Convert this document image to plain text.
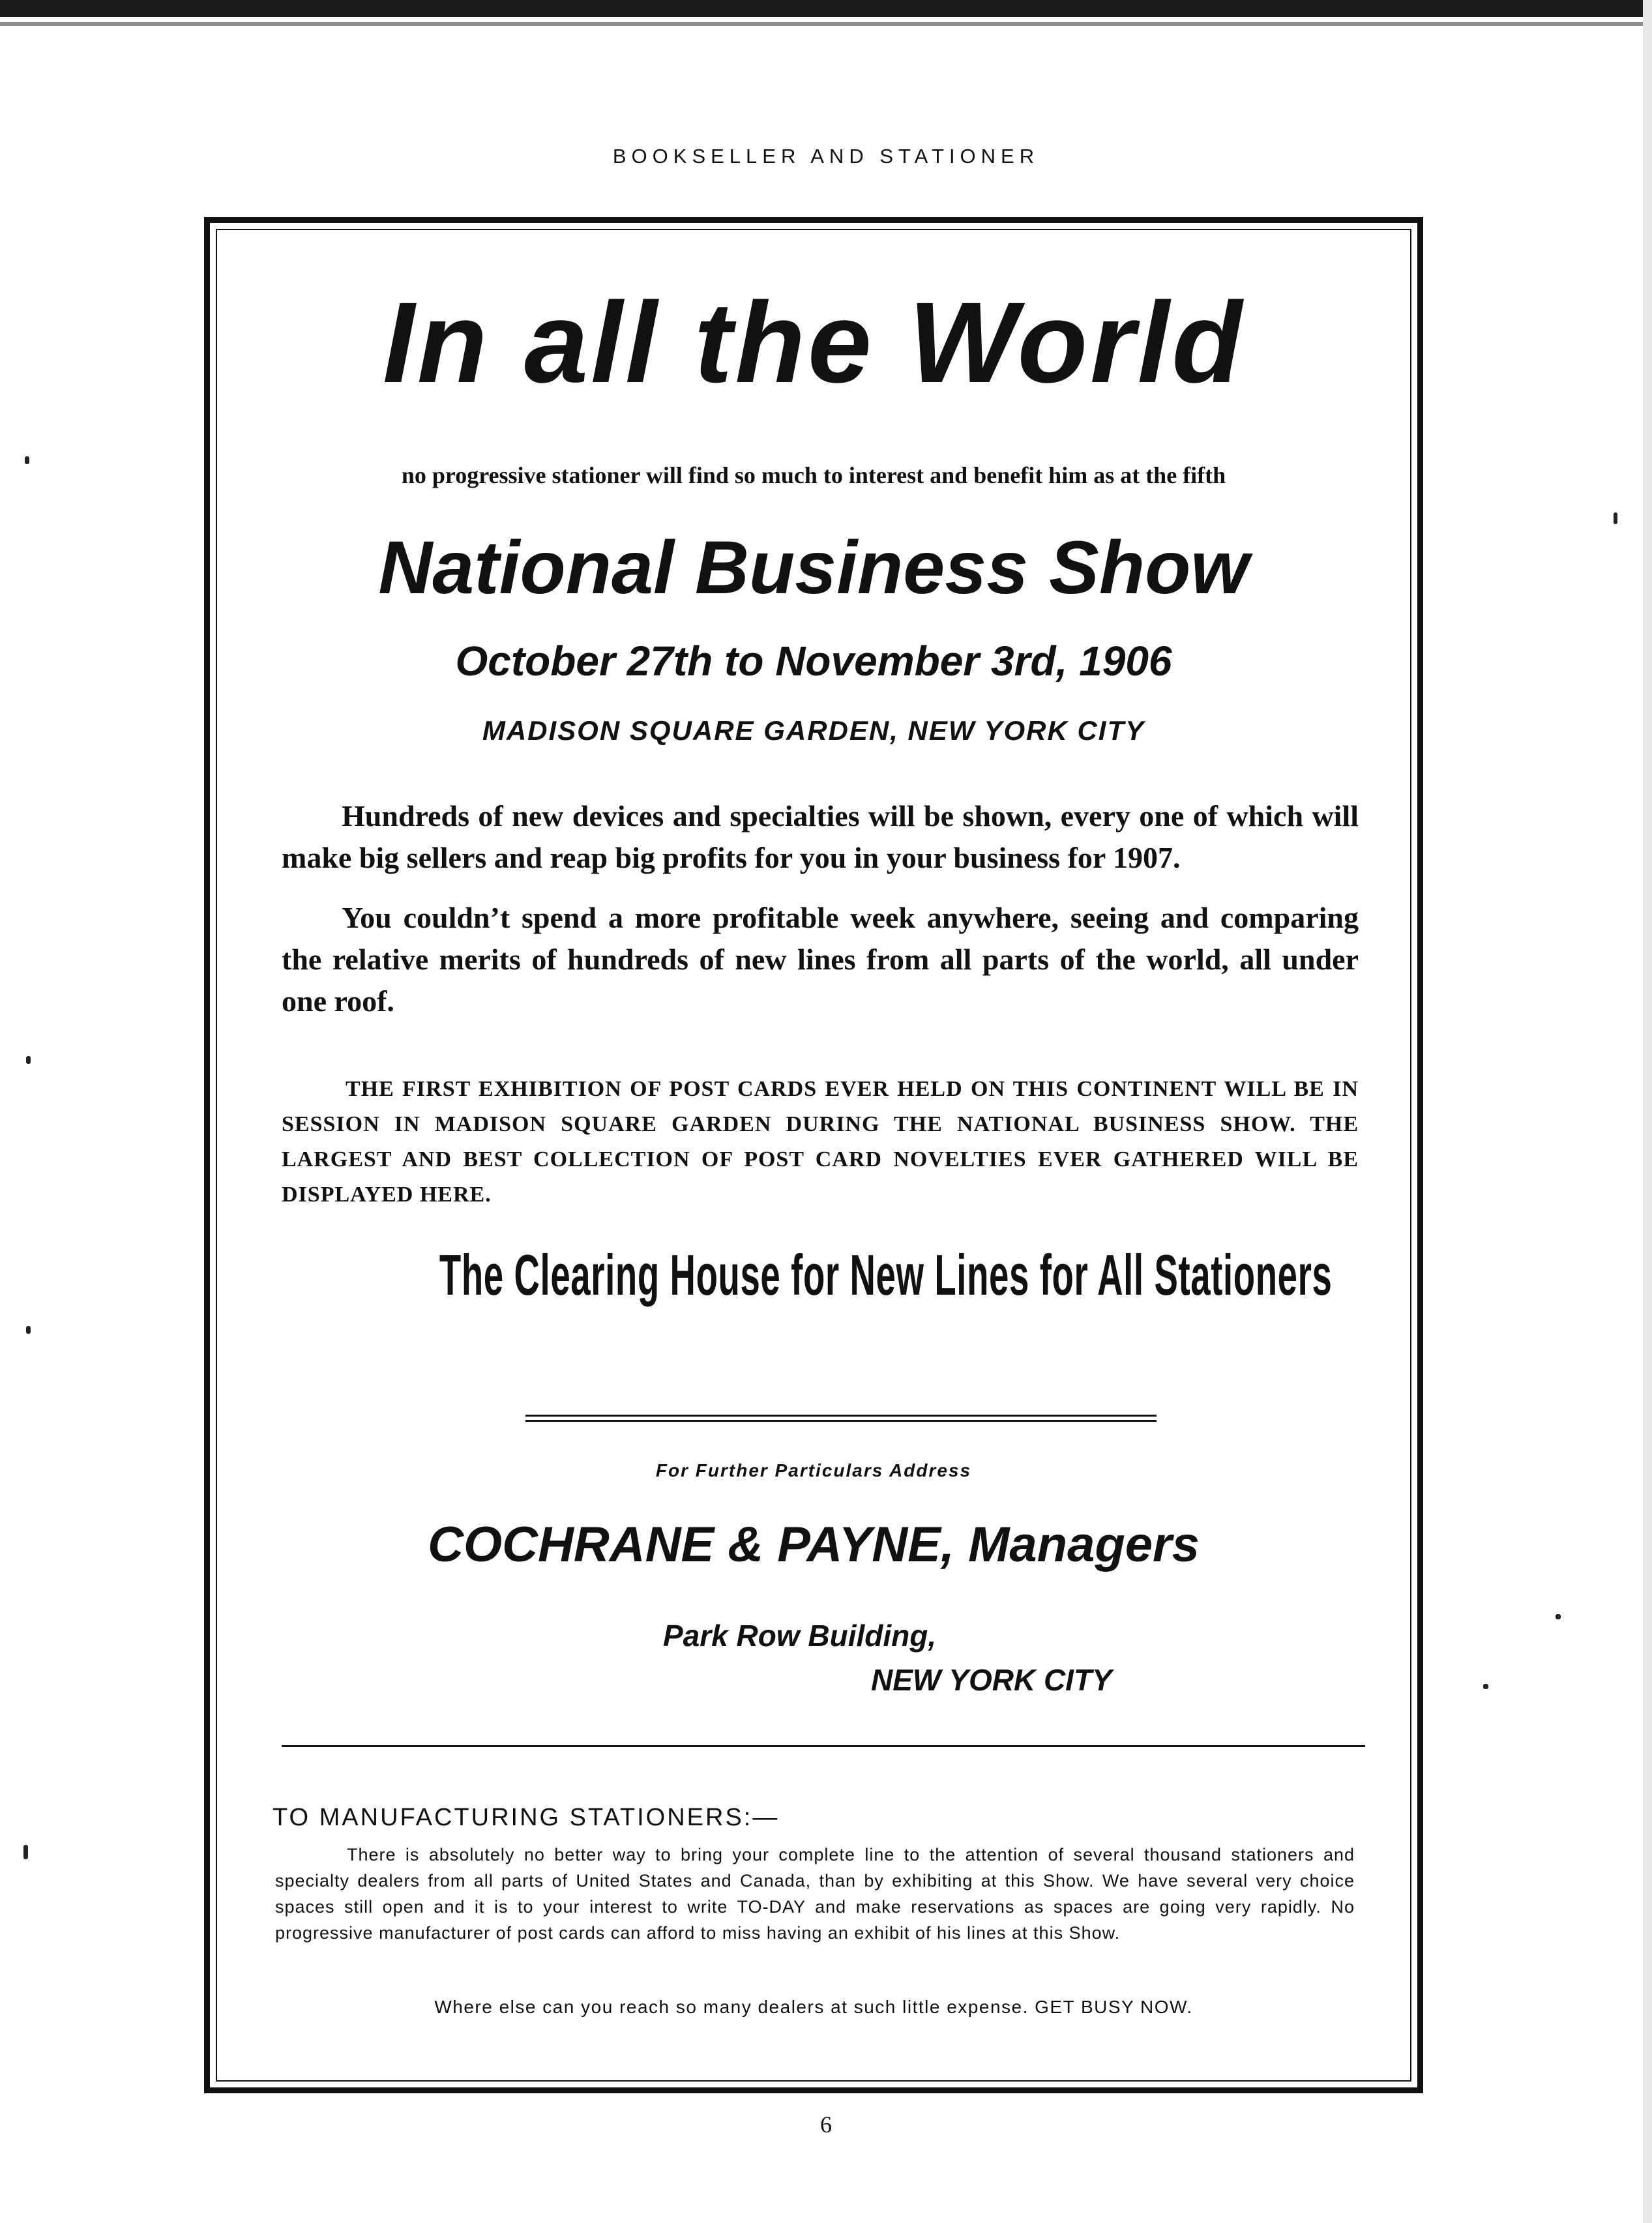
BOOKSELLER AND STATIONER
In all the World
no progressive stationer will find so much to interest and benefit him as at the fifth
National Business Show
October 27th to November 3rd, 1906
MADISON SQUARE GARDEN, NEW YORK CITY
Hundreds of new devices and specialties will be shown, every one of which will make big sellers and reap big profits for you in your business for 1907.
You couldn’t spend a more profitable week anywhere, seeing and comparing the relative merits of hundreds of new lines from all parts of the world, all under one roof.
THE FIRST EXHIBITION OF POST CARDS EVER HELD ON THIS CONTINENT WILL BE IN SESSION IN MADISON SQUARE GARDEN DURING THE NATIONAL BUSINESS SHOW. THE LARGEST AND BEST COLLECTION OF POST CARD NOVELTIES EVER GATHERED WILL BE DISPLAYED HERE.
The Clearing House for New Lines for All Stationers
For Further Particulars Address
COCHRANE & PAYNE, Managers
Park Row Building,
NEW YORK CITY
TO MANUFACTURING STATIONERS:—
There is absolutely no better way to bring your complete line to the attention of several thousand stationers and specialty dealers from all parts of United States and Canada, than by exhibiting at this Show. We have several very choice spaces still open and it is to your interest to write TO-DAY and make reservations as spaces are going very rapidly. No progressive manufacturer of post cards can afford to miss having an exhibit of his lines at this Show.
Where else can you reach so many dealers at such little expense. GET BUSY NOW.
6
